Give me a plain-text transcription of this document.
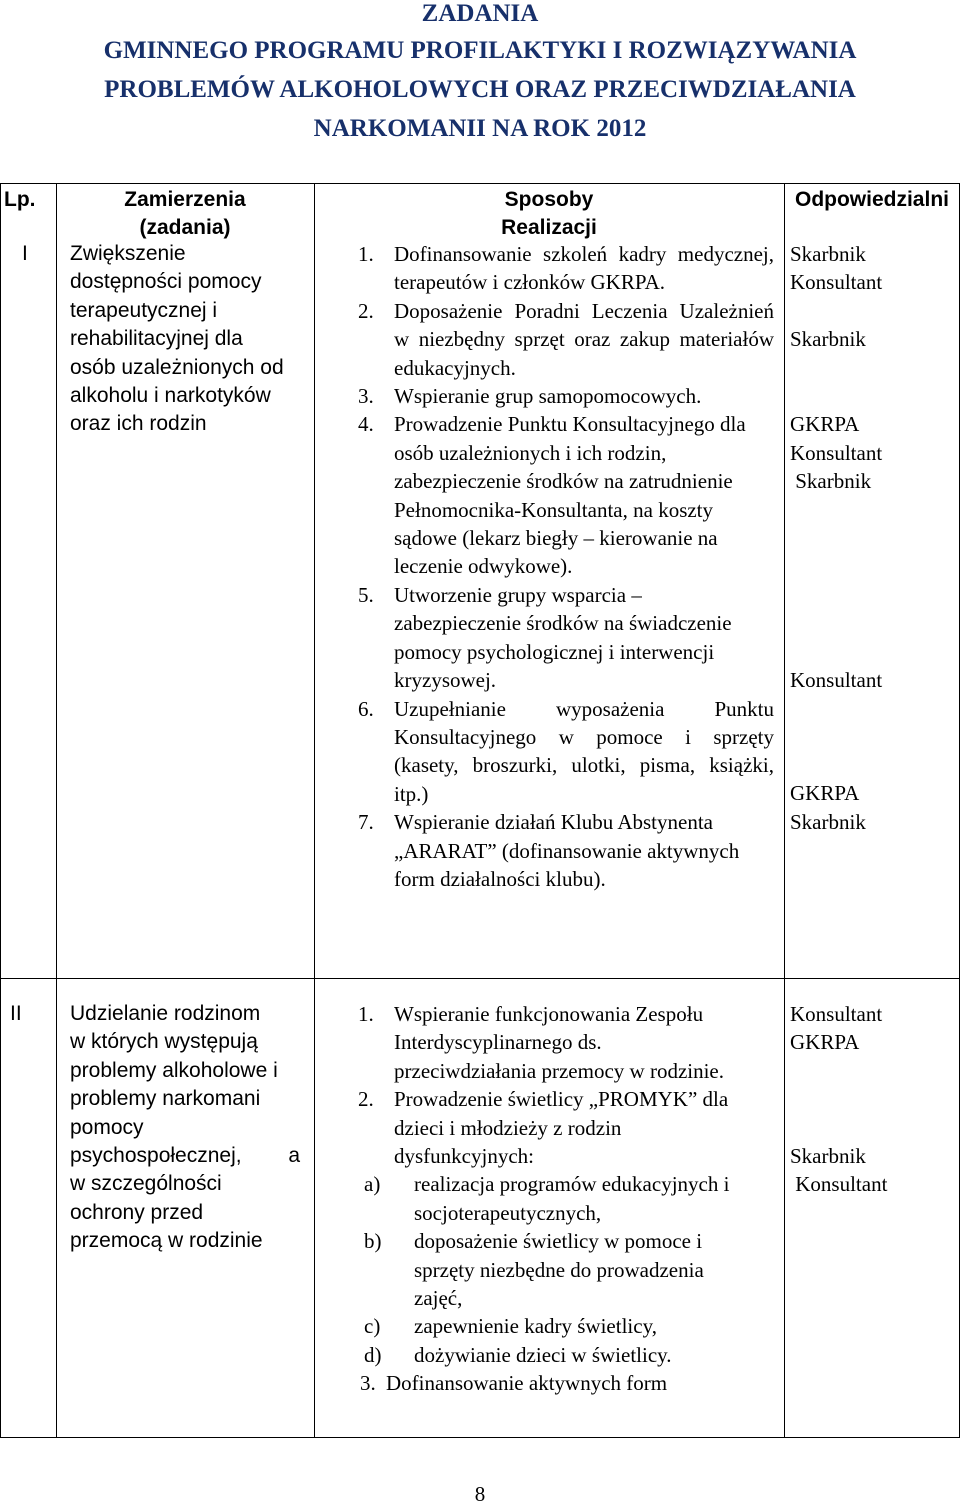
ZADANIA
GMINNEGO PROGRAMU PROFILAKTYKI I ROZWIĄZYWANIA
PROBLEMÓW ALKOHOLOWYCH ORAZ PRZECIWDZIAŁANIA
NARKOMANII NA ROK 2012
Lp.	Zamierzenia
(zadania)
Sposoby
Realizacji
Odpowiedzialni
I Zwiększenie
dostępności pomocy
terapeutycznej i
rehabilitacyjnej dla
osób uzależnionych od
alkoholu i narkotyków
oraz ich rodzin
1. Dofinansowanie szkoleń kadry medycznej, terapeutów i członków GKRPA.
2. Doposażenie Poradni Leczenia Uzależnień w niezbędny sprzęt oraz zakup materiałów edukacyjnych.
3. Wspieranie grup samopomocowych.
4. Prowadzenie Punktu Konsultacyjnego dla osób uzależnionych i ich rodzin, zabezpieczenie środków na zatrudnienie Pełnomocnika-Konsultanta, na koszty sądowe (lekarz biegły – kierowanie na leczenie odwykowe).
5. Utworzenie grupy wsparcia – zabezpieczenie środków na świadczenie pomocy psychologicznej i interwencji kryzysowej.
6. Uzupełnianie wyposażenia Punktu Konsultacyjnego w pomoce i sprzęty (kasety, broszurki, ulotki, pisma, książki, itp.)
7. Wspieranie działań Klubu Abstynenta „ARARAT” (dofinansowanie aktywnych form działalności klubu).
Skarbnik
Konsultant
Skarbnik
GKRPA
Konsultant
Skarbnik
Konsultant
GKRPA
Skarbnik
II Udzielanie rodzinom
w których występują
problemy alkoholowe i
problemy narkomani
pomocy
psychospołecznej, a
w szczególności
ochrony przed
przemocą w rodzinie
1. Wspieranie funkcjonowania Zespołu Interdyscyplinarnego ds. przeciwdziałania przemocy w rodzinie.
2. Prowadzenie świetlicy „PROMYK” dla dzieci i młodzieży z rodzin dysfunkcyjnych:
a) realizacja programów edukacyjnych i socjoterapeutycznych,
b) doposażenie świetlicy w pomoce i sprzęty niezbędne do prowadzenia zajęć,
c) zapewnienie kadry świetlicy,
d) dożywianie dzieci w świetlicy.
3. Dofinansowanie aktywnych form
Konsultant
GKRPA
Skarbnik
Konsultant
8
